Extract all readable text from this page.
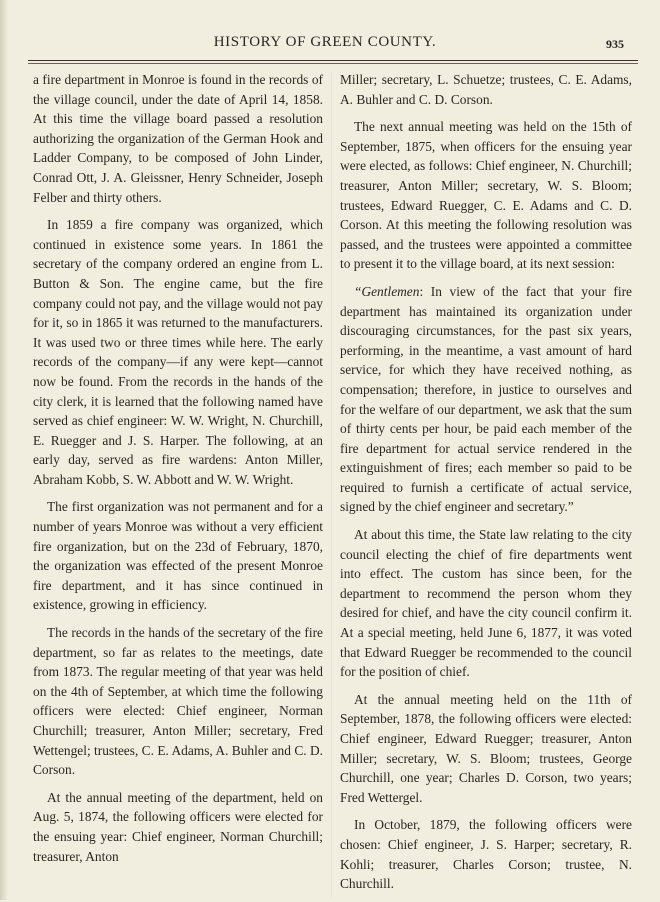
HISTORY OF GREEN COUNTY.	935

a fire department in Monroe is found in the records of the village council, under the date of April 14, 1858. At this time the village board passed a resolution authorizing the organization of the German Hook and Ladder Company, to be composed of John Linder, Conrad Ott, J. A. Gleissner, Henry Schneider, Joseph Felber and thirty others.

In 1859 a fire company was organized, which continued in existence some years. In 1861 the secretary of the company ordered an engine from L. Button & Son. The engine came, but the fire company could not pay, and the village would not pay for it, so in 1865 it was returned to the manufacturers. It was used two or three times while here. The early records of the company—if any were kept—cannot now be found. From the records in the hands of the city clerk, it is learned that the following named have served as chief engineer: W. W. Wright, N. Churchill, E. Ruegger and J. S. Harper. The following, at an early day, served as fire wardens: Anton Miller, Abraham Kobb, S. W. Abbott and W. W. Wright.

The first organization was not permanent and for a number of years Monroe was without a very efficient fire organization, but on the 23d of February, 1870, the organization was effected of the present Monroe fire department, and it has since continued in existence, growing in efficiency.

The records in the hands of the secretary of the fire department, so far as relates to the meetings, date from 1873. The regular meeting of that year was held on the 4th of September, at which time the following officers were elected: Chief engineer, Norman Churchill; treasurer, Anton Miller; secretary, Fred Wettengel; trustees, C. E. Adams, A. Buhler and C. D. Corson.

At the annual meeting of the department, held on Aug. 5, 1874, the following officers were elected for the ensuing year: Chief engineer, Norman Churchill; treasurer, Anton

Miller; secretary, L. Schuetze; trustees, C. E. Adams, A. Buhler and C. D. Corson.

The next annual meeting was held on the 15th of September, 1875, when officers for the ensuing year were elected, as follows: Chief engineer, N. Churchill; treasurer, Anton Miller; secretary, W. S. Bloom; trustees, Edward Ruegger, C. E. Adams and C. D. Corson. At this meeting the following resolution was passed, and the trustees were appointed a committee to present it to the village board, at its next session:

“Gentlemen: In view of the fact that your fire department has maintained its organization under discouraging circumstances, for the past six years, performing, in the meantime, a vast amount of hard service, for which they have received nothing, as compensation; therefore, in justice to ourselves and for the welfare of our department, we ask that the sum of thirty cents per hour, be paid each member of the fire department for actual service rendered in the extinguishment of fires; each member so paid to be required to furnish a certificate of actual service, signed by the chief engineer and secretary.”

At about this time, the State law relating to the city council electing the chief of fire departments went into effect. The custom has since been, for the department to recommend the person whom they desired for chief, and have the city council confirm it. At a special meeting, held June 6, 1877, it was voted that Edward Ruegger be recommended to the council for the position of chief.

At the annual meeting held on the 11th of September, 1878, the following officers were elected: Chief engineer, Edward Ruegger; treasurer, Anton Miller; secretary, W. S. Bloom; trustees, George Churchill, one year; Charles D. Corson, two years; Fred Wettergel.

In October, 1879, the following officers were chosen: Chief engineer, J. S. Harper; secretary, R. Kohli; treasurer, Charles Corson; trustee, N. Churchill.
